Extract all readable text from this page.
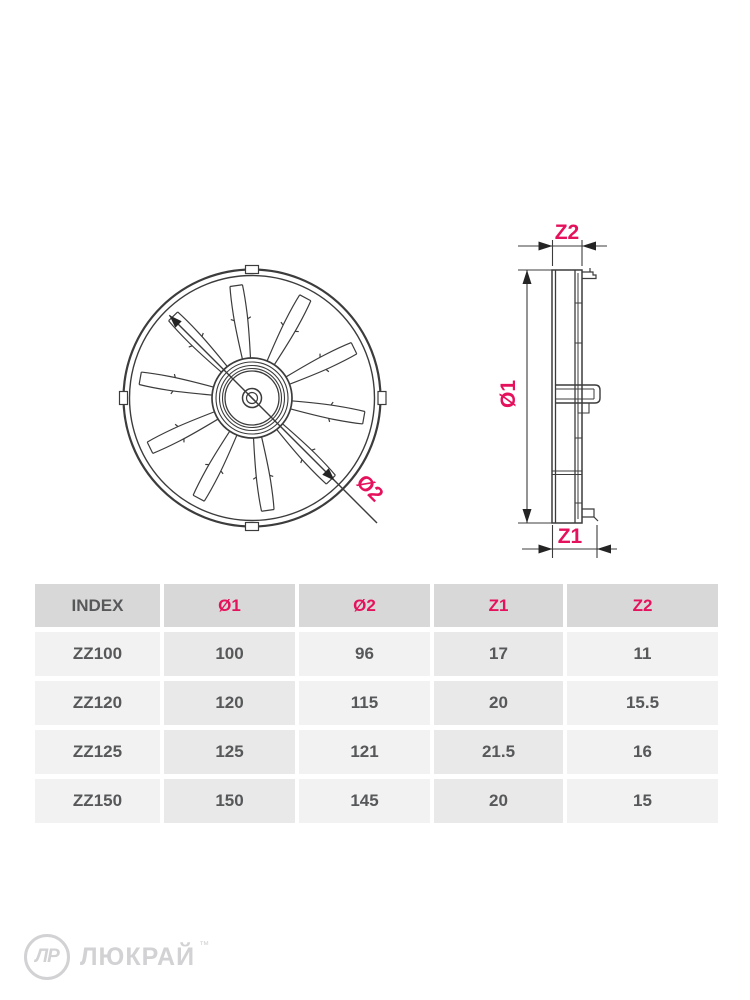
Ø2
Z2
Ø1
Z1
INDEX	Ø1	Ø2	Z1	Z2
ZZ100	100	96	17	11
ZZ120	120	115	20	15.5
ZZ125	125	121	21.5	16
ZZ150	150	145	20	15
ЛР ЛЮКРАЙ ™
